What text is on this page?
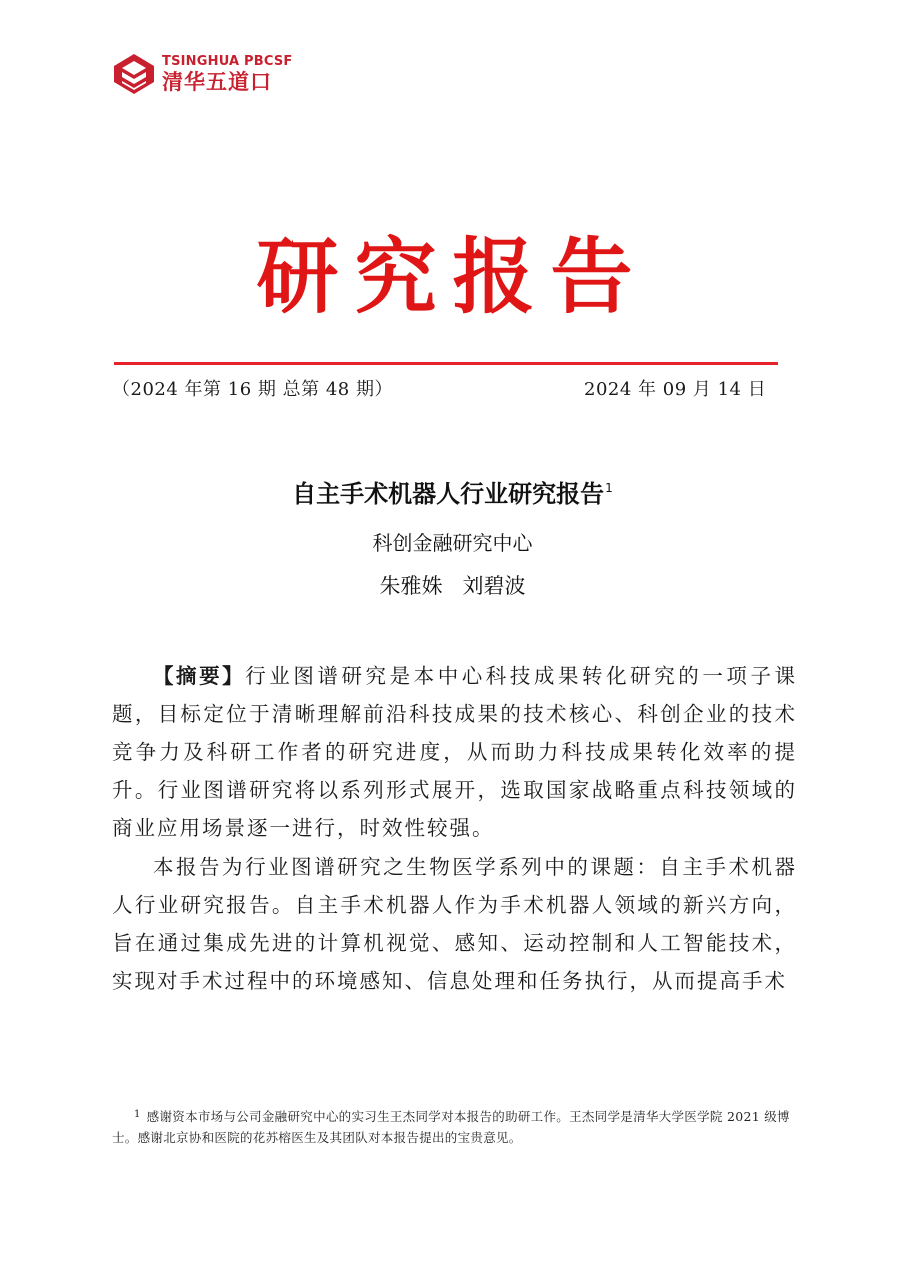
TSINGHUA PBCSF
清华五道口
研究报告
（2024 年第 16 期 总第 48 期）	2024 年 09 月 14 日
自主手术机器人行业研究报告$^1$
科创金融研究中心
朱雅姝 刘碧波

【摘要】行业图谱研究是本中心科技成果转化研究的一项子课题，目标定位于清晰理解前沿科技成果的技术核心、科创企业的技术竞争力及科研工作者的研究进度，从而助力科技成果转化效率的提升。行业图谱研究将以系列形式展开，选取国家战略重点科技领域的商业应用场景逐一进行，时效性较强。

本报告为行业图谱研究之生物医学系列中的课题：自主手术机器人行业研究报告。自主手术机器人作为手术机器人领域的新兴方向，旨在通过集成先进的计算机视觉、感知、运动控制和人工智能技术，实现对手术过程中的环境感知、信息处理和任务执行，从而提高手术

$^1$ 感谢资本市场与公司金融研究中心的实习生王杰同学对本报告的助研工作。王杰同学是清华大学医学院 2021 级博士。感谢北京协和医院的花苏榕医生及其团队对本报告提出的宝贵意见。
